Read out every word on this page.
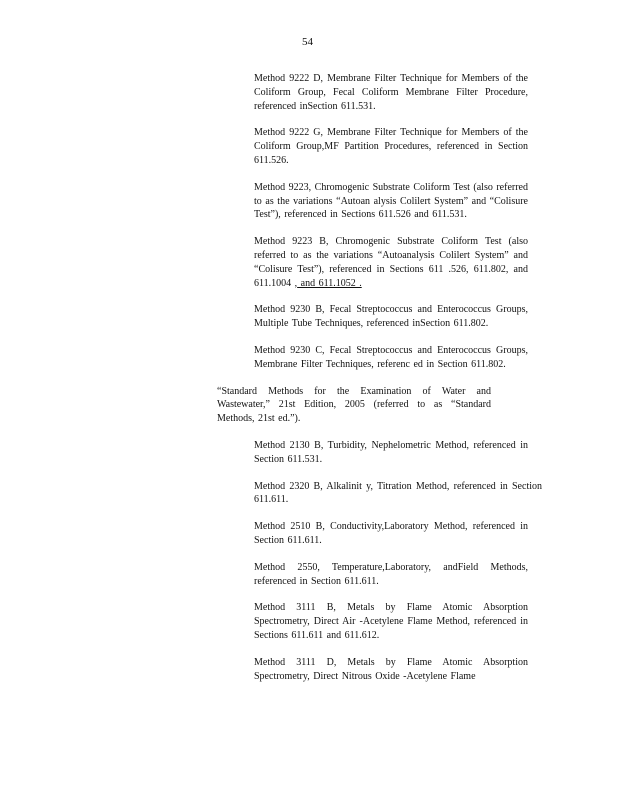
54

Method 9222 D, Membrane Filter Technique for Members of the Coliform Group, Fecal Coliform Membrane Filter Procedure, referenced inSection 611.531.

Method 9222 G, Membrane Filter Technique for Members of the Coliform Group,MF Partition Procedures, referenced in Section 611.526.

Method 9223, Chromogenic Substrate Coliform Test (also referred to as the variations “Autoan alysis Colilert System” and “Colisure Test”), referenced in Sections 611.526 and 611.531.

Method 9223 B, Chromogenic Substrate Coliform Test (also referred to as the variations “Autoanalysis Colilert System” and “Colisure Test”), referenced in Sections 611 .526, 611.802, and 611.1004 , and 611.1052 .

Method 9230 B, Fecal Streptococcus and Enterococcus Groups, Multiple Tube Techniques, referenced inSection 611.802.

Method 9230 C, Fecal Streptococcus and Enterococcus Groups, Membrane Filter Techniques, referenc ed in Section 611.802.

“Standard Methods for the Examination of Water and Wastewater,” 21st Edition, 2005 (referred to as “Standard Methods, 21st ed.”).

Method 2130 B, Turbidity, Nephelometric Method, referenced in Section 611.531.

Method 2320 B, Alkalinit y, Titration Method, referenced in Section 611.611.

Method 2510 B, Conductivity,Laboratory Method, referenced in Section 611.611.

Method 2550, Temperature,Laboratory, andField Methods, referenced in Section 611.611.

Method 3111 B, Metals by Flame Atomic Absorption Spectrometry, Direct Air -Acetylene Flame Method, referenced in Sections 611.611 and 611.612.

Method 3111 D, Metals by Flame Atomic Absorption Spectrometry, Direct Nitrous Oxide -Acetylene Flame
